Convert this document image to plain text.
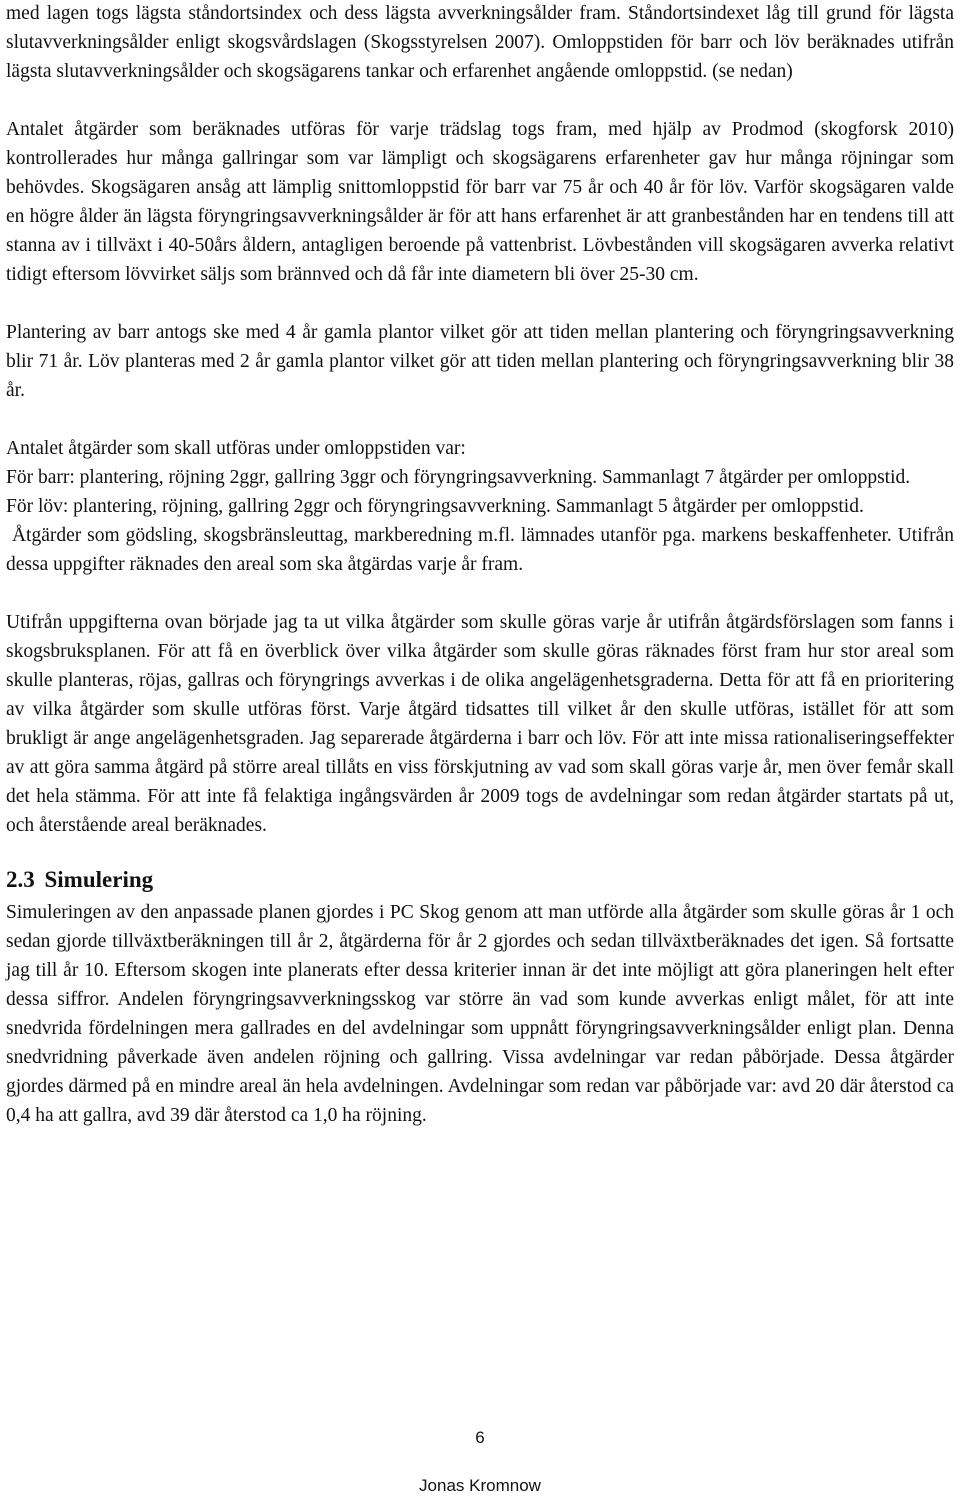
med lagen togs lägsta ståndortsindex och dess lägsta avverkningsålder fram. Ståndortsindexet låg till grund för lägsta slutavverkningsålder enligt skogsvårdslagen (Skogsstyrelsen 2007). Omloppstiden för barr och löv beräknades utifrån lägsta slutavverkningsålder och skogsägarens tankar och erfarenhet angående omloppstid. (se nedan)

Antalet åtgärder som beräknades utföras för varje trädslag togs fram, med hjälp av Prodmod (skogforsk 2010) kontrollerades hur många gallringar som var lämpligt och skogsägarens erfarenheter gav hur många röjningar som behövdes. Skogsägaren ansåg att lämplig snittomloppstid för barr var 75 år och 40 år för löv. Varför skogsägaren valde en högre ålder än lägsta föryngringsavverkningsålder är för att hans erfarenhet är att granbestånden har en tendens till att stanna av i tillväxt i 40-50års åldern, antagligen beroende på vattenbrist. Lövbestånden vill skogsägaren avverka relativt tidigt eftersom lövvirket säljs som brännved och då får inte diametern bli över 25-30 cm.

Plantering av barr antogs ske med 4 år gamla plantor vilket gör att tiden mellan plantering och föryngringsavverkning blir 71 år. Löv planteras med 2 år gamla plantor vilket gör att tiden mellan plantering och föryngringsavverkning blir 38 år.

Antalet åtgärder som skall utföras under omloppstiden var:
För barr: plantering, röjning 2ggr, gallring 3ggr och föryngringsavverkning. Sammanlagt 7 åtgärder per omloppstid.
För löv: plantering, röjning, gallring 2ggr och föryngringsavverkning. Sammanlagt 5 åtgärder per omloppstid.
Åtgärder som gödsling, skogsbränsleuttag, markberedning m.fl. lämnades utanför pga. markens beskaffenheter. Utifrån dessa uppgifter räknades den areal som ska åtgärdas varje år fram.

Utifrån uppgifterna ovan började jag ta ut vilka åtgärder som skulle göras varje år utifrån åtgärdsförslagen som fanns i skogsbruksplanen. För att få en överblick över vilka åtgärder som skulle göras räknades först fram hur stor areal som skulle planteras, röjas, gallras och föryngrings avverkas i de olika angelägenhetsgraderna. Detta för att få en prioritering av vilka åtgärder som skulle utföras först. Varje åtgärd tidsattes till vilket år den skulle utföras, istället för att som brukligt är ange angelägenhetsgraden. Jag separerade åtgärderna i barr och löv. För att inte missa rationaliseringseffekter av att göra samma åtgärd på större areal tillåts en viss förskjutning av vad som skall göras varje år, men över femår skall det hela stämma. För att inte få felaktiga ingångsvärden år 2009 togs de avdelningar som redan åtgärder startats på ut, och återstående areal beräknades.

2.3 Simulering

Simuleringen av den anpassade planen gjordes i PC Skog genom att man utförde alla åtgärder som skulle göras år 1 och sedan gjorde tillväxtberäkningen till år 2, åtgärderna för år 2 gjordes och sedan tillväxtberäknades det igen. Så fortsatte jag till år 10. Eftersom skogen inte planerats efter dessa kriterier innan är det inte möjligt att göra planeringen helt efter dessa siffror. Andelen föryngringsavverkningsskog var större än vad som kunde avverkas enligt målet, för att inte snedvrida fördelningen mera gallrades en del avdelningar som uppnått föryngringsavverkningsålder enligt plan. Denna snedvridning påverkade även andelen röjning och gallring. Vissa avdelningar var redan påbörjade. Dessa åtgärder gjordes därmed på en mindre areal än hela avdelningen. Avdelningar som redan var påbörjade var: avd 20 där återstod ca 0,4 ha att gallra, avd 39 där återstod ca 1,0 ha röjning.

6
Jonas Kromnow
